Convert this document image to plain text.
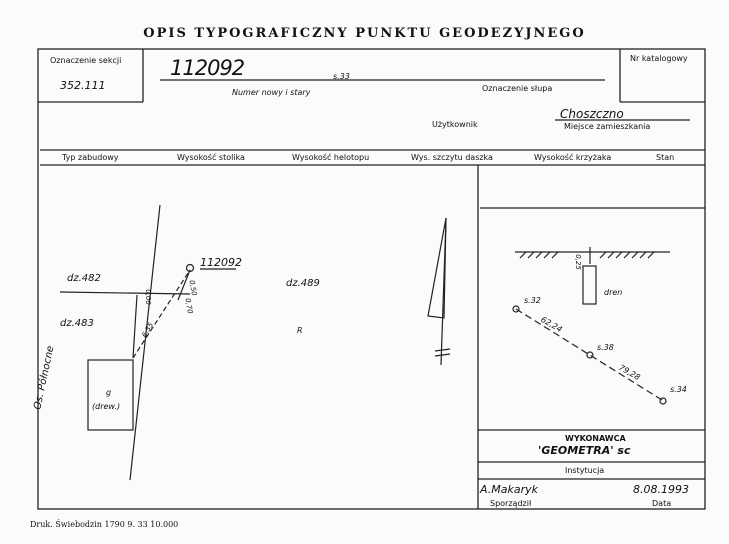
OPIS TYPOGRAFICZNY PUNKTU GEODEZYJNEGO
Oznaczenie sekcji
352.111
Nr katalogowy
112092	s.33
Numer nowy i stary	Oznaczenie słupa
Choszczno
Użytkownik	Miejsce zamieszkania
Typ zabudowy	Wysokość stolika	Wysokość helotopu	Wys. szczytu daszka	Wysokość krzyżaka	Stan
112092
dz.482
dz.483
dz.489
R
Os. Północne	g
(drew.)
0,50
0,70
0,00
6,35
0,25
dren
s.32
62,24
s.38
79,28
s.34
WYKONAWCA
'GEOMETRA' sc
Instytucja
A.Makaryk
Sporządził
8.08.1993
Data
Druk. Świebodzin 1790 9. 33 10.000
